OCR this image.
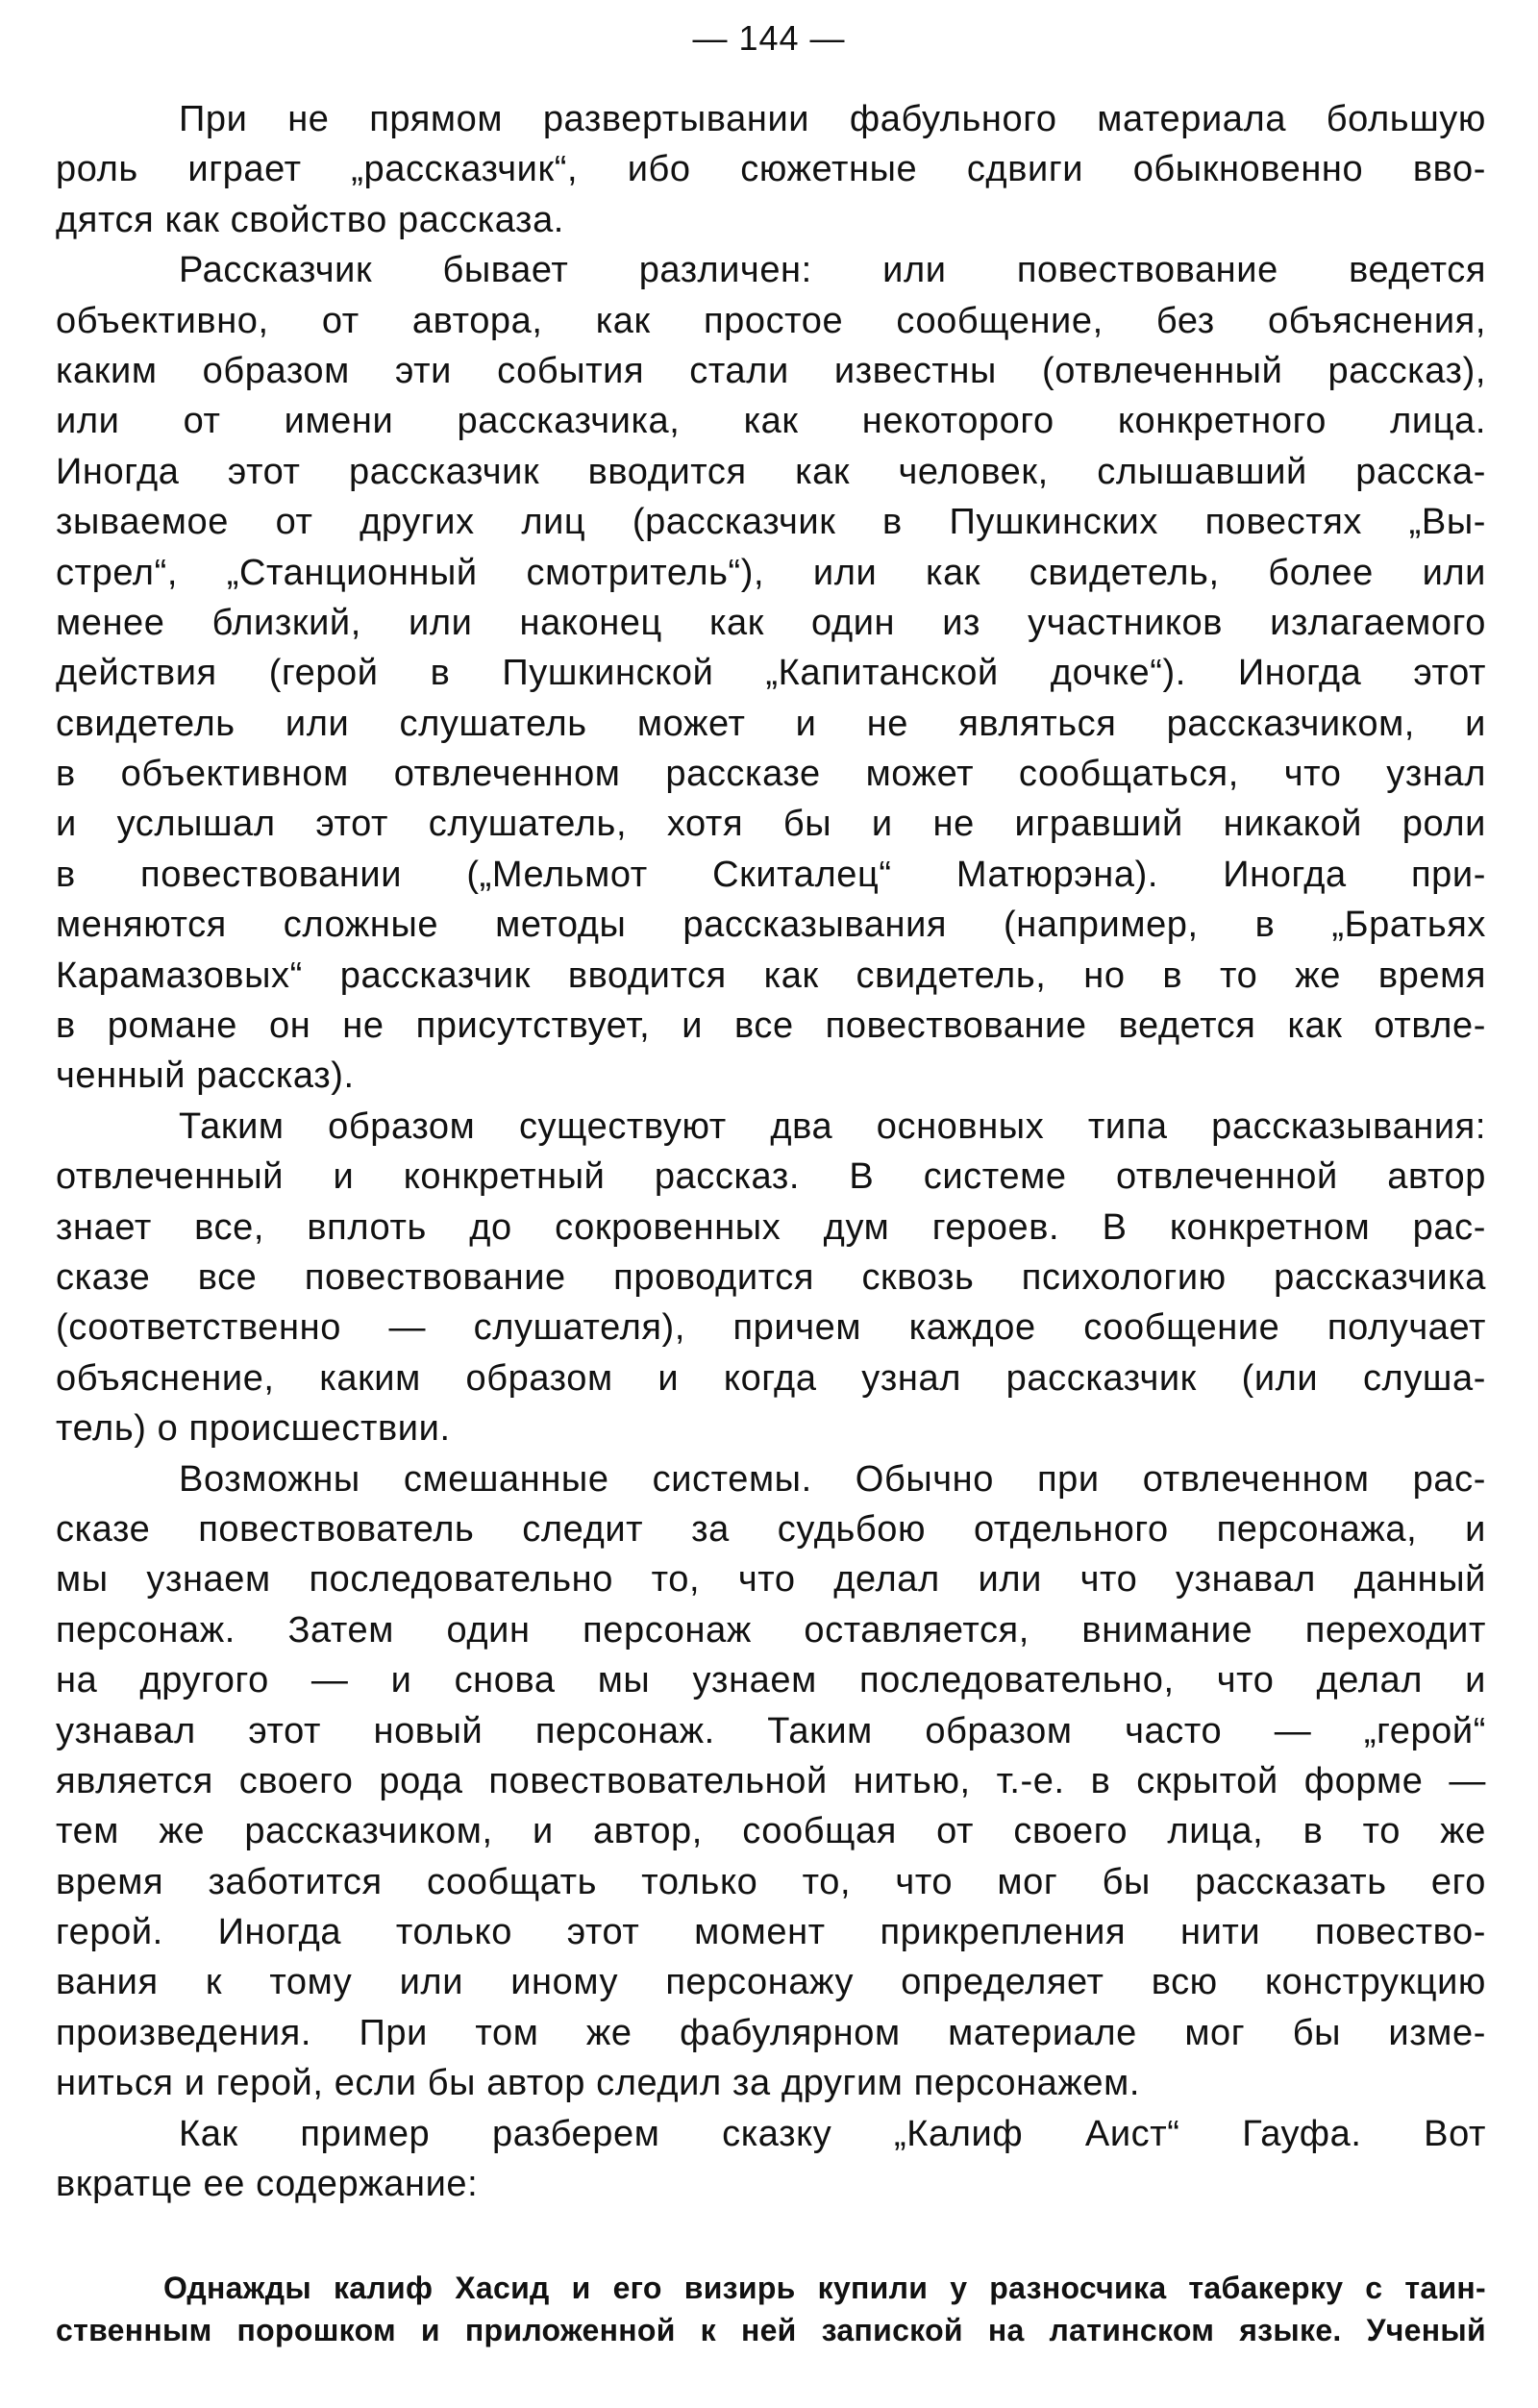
— 144 —
При не прямом развертывании фабульного материала большую
роль играет „рассказчик“, ибо сюжетные сдвиги обыкновенно вво-
дятся как свойство рассказа.
Рассказчик бывает различен: или повествование ведется
объективно, от автора, как простое сообщение, без объяснения,
каким образом эти события стали известны (отвлеченный рассказ),
или от имени рассказчика, как некоторого конкретного лица.
Иногда этот рассказчик вводится как человек, слышавший расска-
зываемое от других лиц (рассказчик в Пушкинских повестях „Вы-
стрел“, „Станционный смотритель“), или как свидетель, более или
менее близкий, или наконец как один из участников излагаемого
действия (герой в Пушкинской „Капитанской дочке“). Иногда этот
свидетель или слушатель может и не являться рассказчиком, и
в объективном отвлеченном рассказе может сообщаться, что узнал
и услышал этот слушатель, хотя бы и не игравший никакой роли
в повествовании („Мельмот Скиталец“ Матюрэна). Иногда при-
меняются сложные методы рассказывания (например, в „Братьях
Карамазовых“ рассказчик вводится как свидетель, но в то же время
в романе он не присутствует, и все повествование ведется как отвле-
ченный рассказ).
Таким образом существуют два основных типа рассказывания:
отвлеченный и конкретный рассказ. В системе отвлеченной автор
знает все, вплоть до сокровенных дум героев. В конкретном рас-
сказе все повествование проводится сквозь психологию рассказчика
(соответственно — слушателя), причем каждое сообщение получает
объяснение, каким образом и когда узнал рассказчик (или слуша-
тель) о происшествии.
Возможны смешанные системы. Обычно при отвлеченном рас-
сказе повествователь следит за судьбою отдельного персонажа, и
мы узнаем последовательно то, что делал или что узнавал данный
персонаж. Затем один персонаж оставляется, внимание переходит
на другого — и снова мы узнаем последовательно, что делал и
узнавал этот новый персонаж. Таким образом часто — „герой“
является своего рода повествовательной нитью, т.-е. в скрытой форме —
тем же рассказчиком, и автор, сообщая от своего лица, в то же
время заботится сообщать только то, что мог бы рассказать его
герой. Иногда только этот момент прикрепления нити повество-
вания к тому или иному персонажу определяет всю конструкцию
произведения. При том же фабулярном материале мог бы изме-
ниться и герой, если бы автор следил за другим персонажем.
Как пример разберем сказку „Калиф Аист“ Гауфа. Вот
вкратце ее содержание:
Однажды калиф Хасид и его визирь купили у разносчика табакерку с таин-
ственным порошком и приложенной к ней запиской на латинском языке. Ученый
